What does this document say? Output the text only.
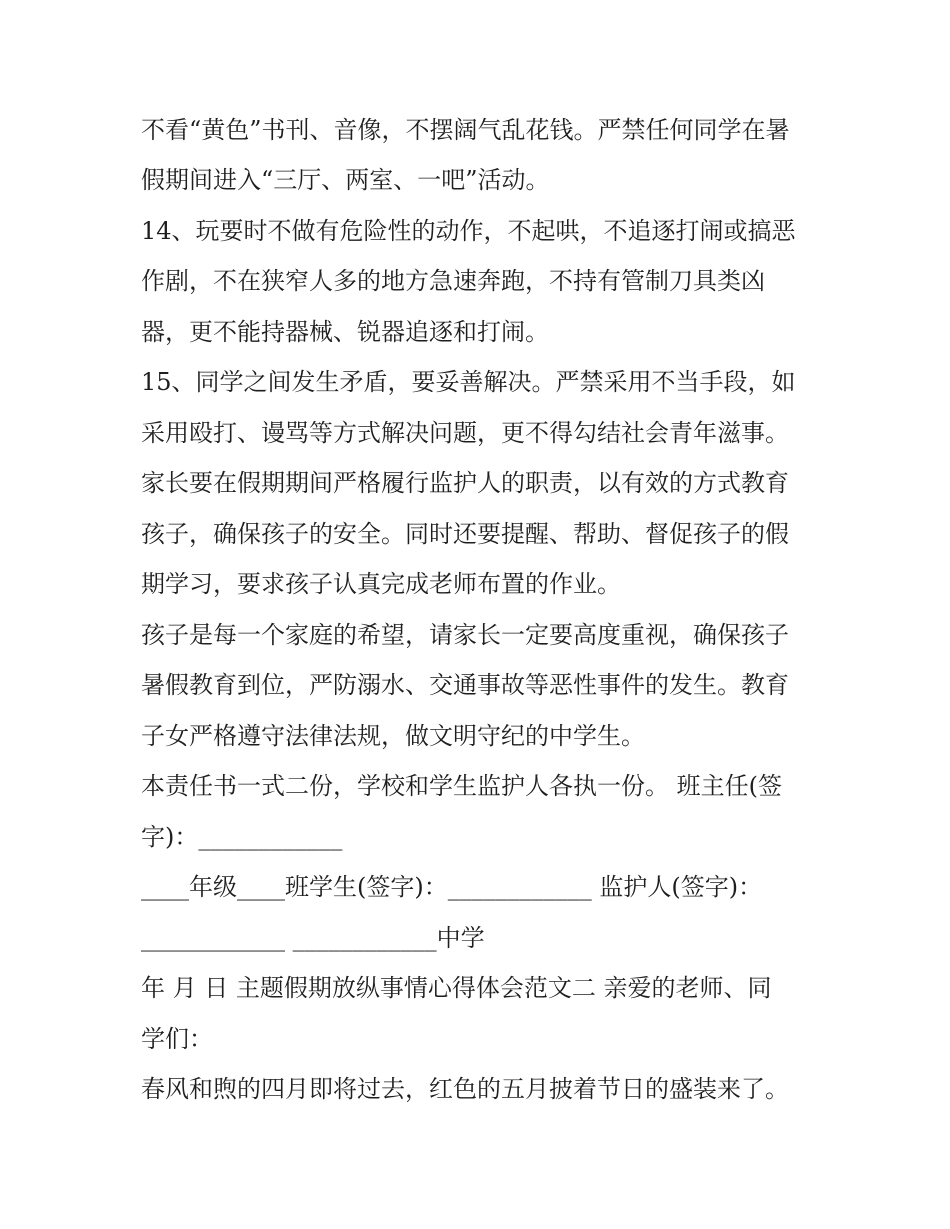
不看“黄色”书刊、音像，不摆阔气乱花钱。严禁任何同学在暑
假期间进入“三厅、两室、一吧”活动。
14、玩要时不做有危险性的动作，不起哄，不追逐打闹或搞恶
作剧，不在狭窄人多的地方急速奔跑，不持有管制刀具类凶
器，更不能持器械、锐器追逐和打闹。
15、同学之间发生矛盾，要妥善解决。严禁采用不当手段，如
采用殴打、谩骂等方式解决问题，更不得勾结社会青年滋事。
家长要在假期期间严格履行监护人的职责，以有效的方式教育
孩子，确保孩子的安全。同时还要提醒、帮助、督促孩子的假
期学习，要求孩子认真完成老师布置的作业。
孩子是每一个家庭的希望，请家长一定要高度重视，确保孩子
暑假教育到位，严防溺水、交通事故等恶性事件的发生。教育
子女严格遵守法律法规，做文明守纪的中学生。
本责任书一式二份，学校和学生监护人各执一份。 班主任(签
字)：____________
____年级____班学生(签字)：____________ 监护人(签字)：
____________ ____________中学
年 月 日 主题假期放纵事情心得体会范文二 亲爱的老师、同
学们：
春风和煦的四月即将过去，红色的五月披着节日的盛装来了。
